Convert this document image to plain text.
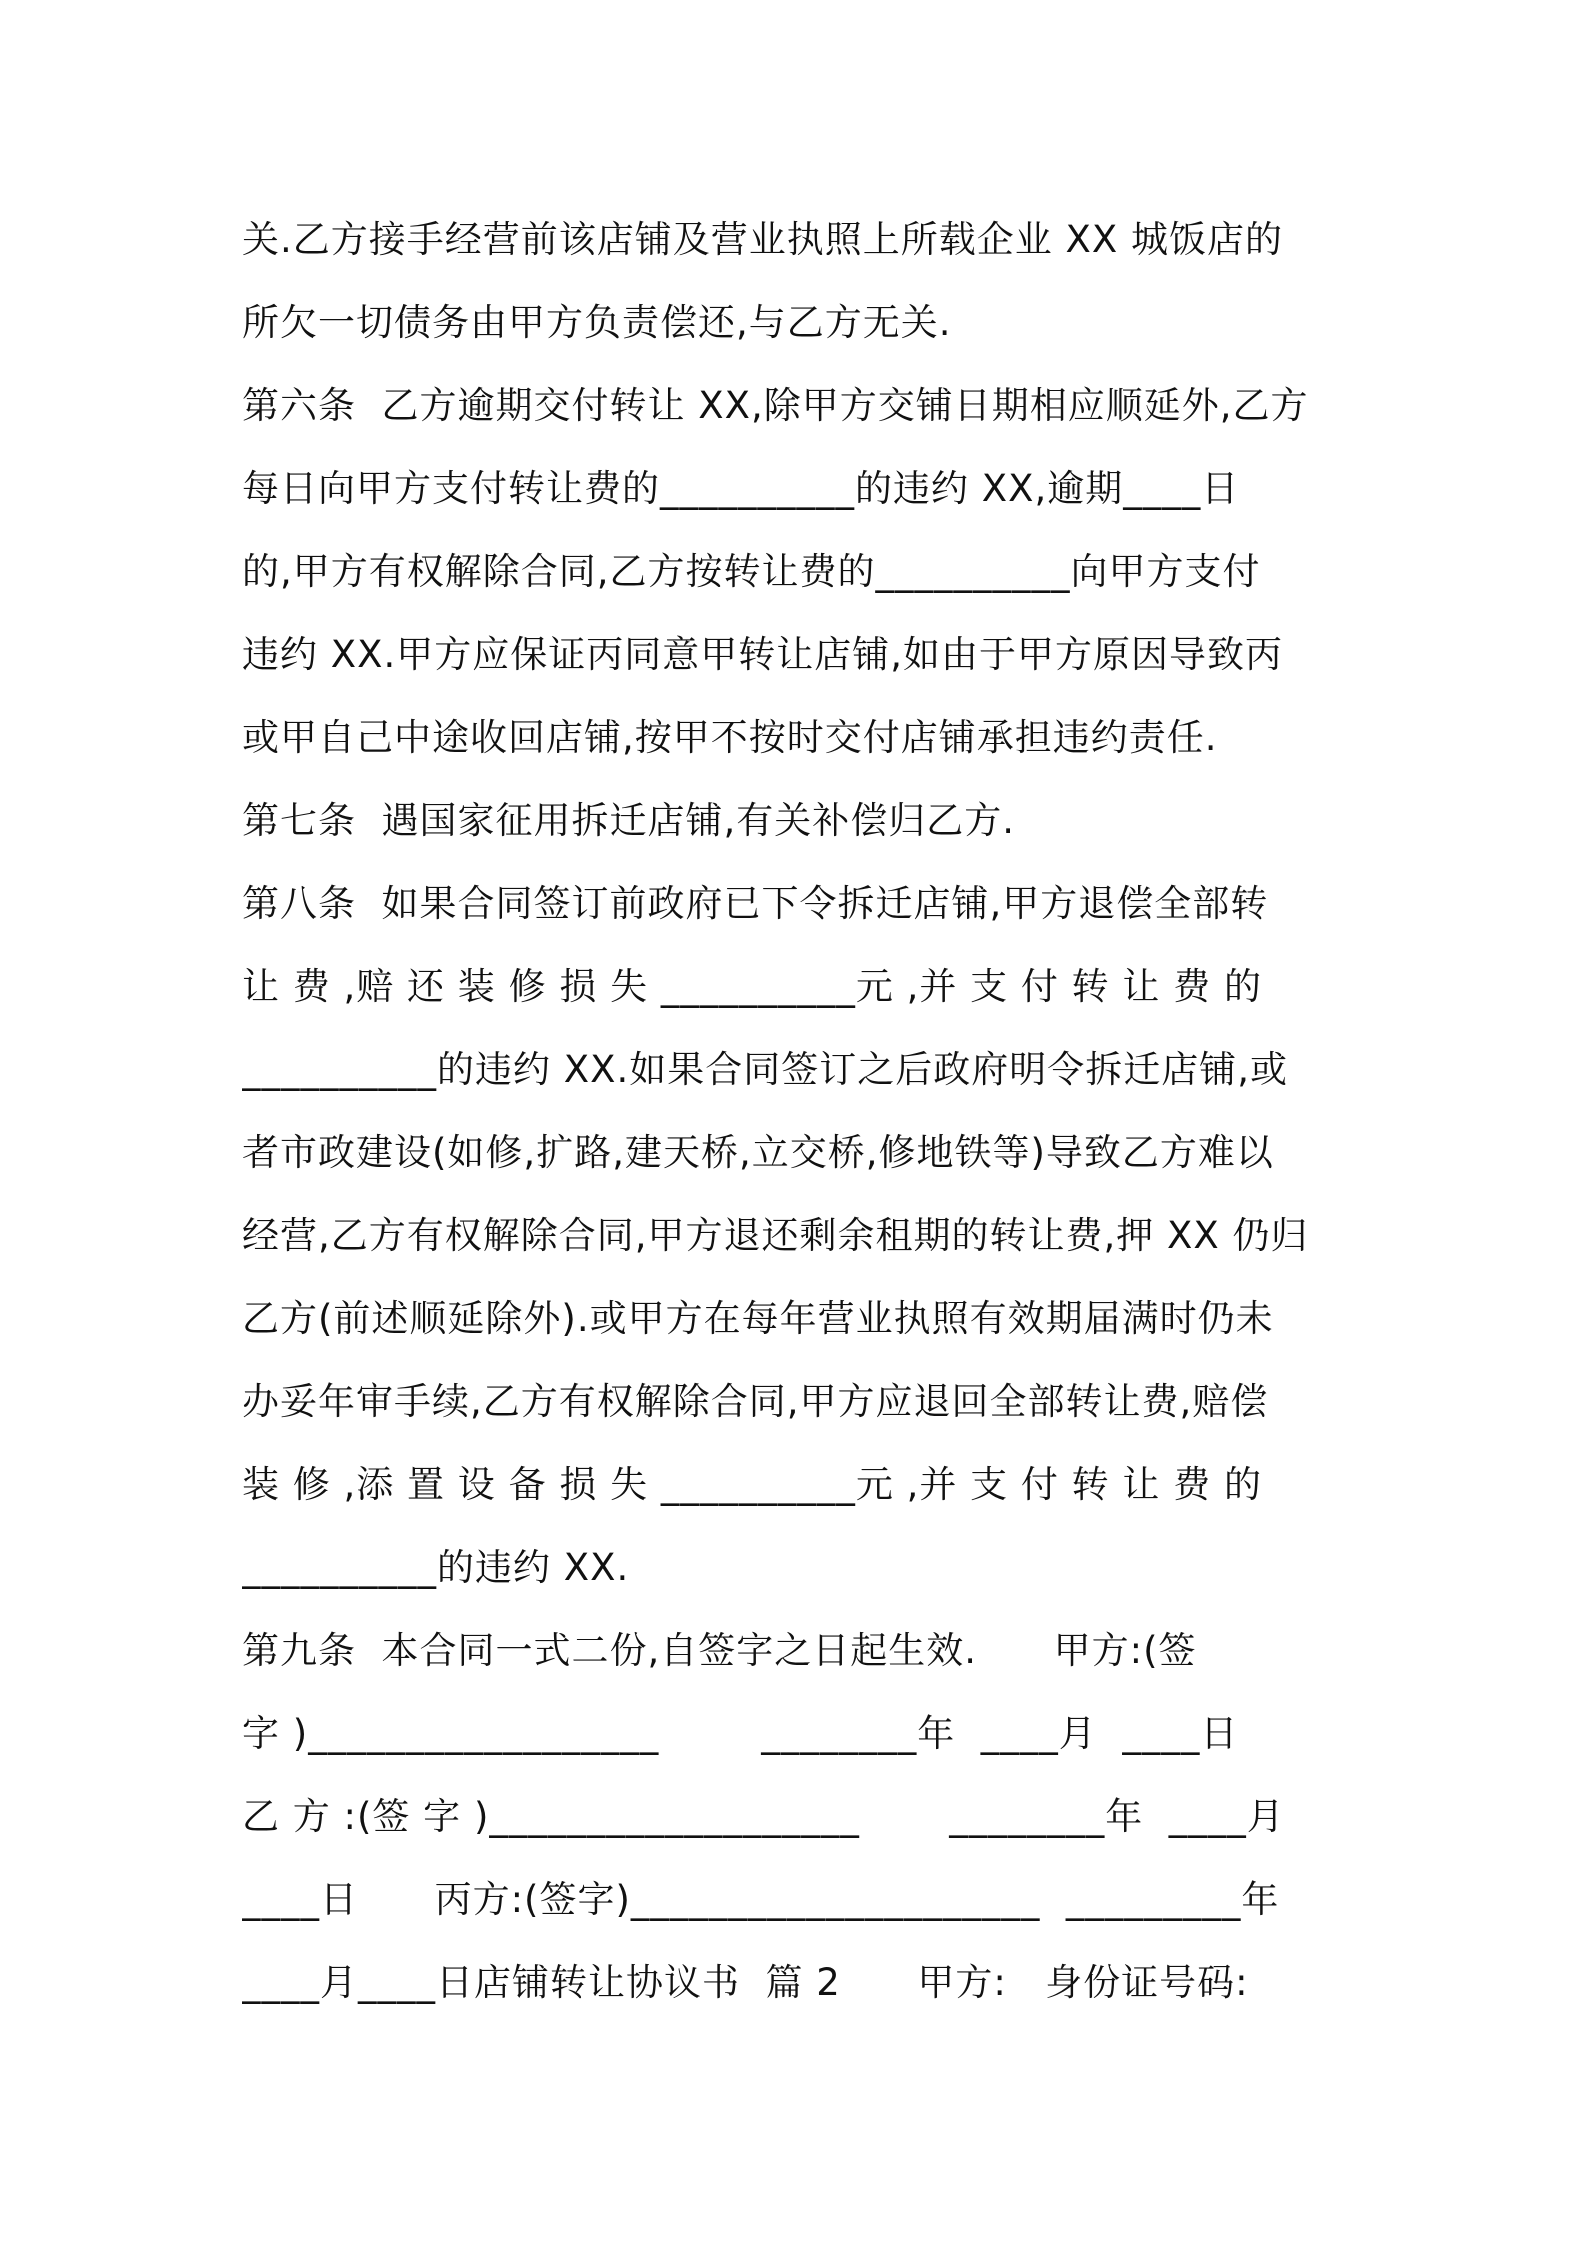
关.乙方接手经营前该店铺及营业执照上所载企业 XX 城饭店的
所欠一切债务由甲方负责偿还,与乙方无关.
第六条  乙方逾期交付转让 XX,除甲方交铺日期相应顺延外,乙方
每日向甲方支付转让费的__________的违约 XX,逾期____日
的,甲方有权解除合同,乙方按转让费的__________向甲方支付
违约 XX.甲方应保证丙同意甲转让店铺,如由于甲方原因导致丙
或甲自己中途收回店铺,按甲不按时交付店铺承担违约责任.
第七条  遇国家征用拆迁店铺,有关补偿归乙方.
第八条  如果合同签订前政府已下令拆迁店铺,甲方退偿全部转
让 费 ,赔 还 装 修 损 失 __________元 ,并 支 付 转 让 费 的
__________的违约 XX.如果合同签订之后政府明令拆迁店铺,或
者市政建设(如修,扩路,建天桥,立交桥,修地铁等)导致乙方难以
经营,乙方有权解除合同,甲方退还剩余租期的转让费,押 XX 仍归
乙方(前述顺延除外).或甲方在每年营业执照有效期届满时仍未
办妥年审手续,乙方有权解除合同,甲方应退回全部转让费,赔偿
装 修 ,添 置 设 备 损 失 __________元 ,并 支 付 转 让 费 的
__________的违约 XX.
第九条  本合同一式二份,自签字之日起生效.      甲方:(签
字 )__________________        ________年  ____月  ____日
乙 方 :(签 字 )___________________       ________年  ____月
____日      丙方:(签字)_____________________  _________年
____月____日店铺转让协议书  篇 2      甲方:   身份证号码:
